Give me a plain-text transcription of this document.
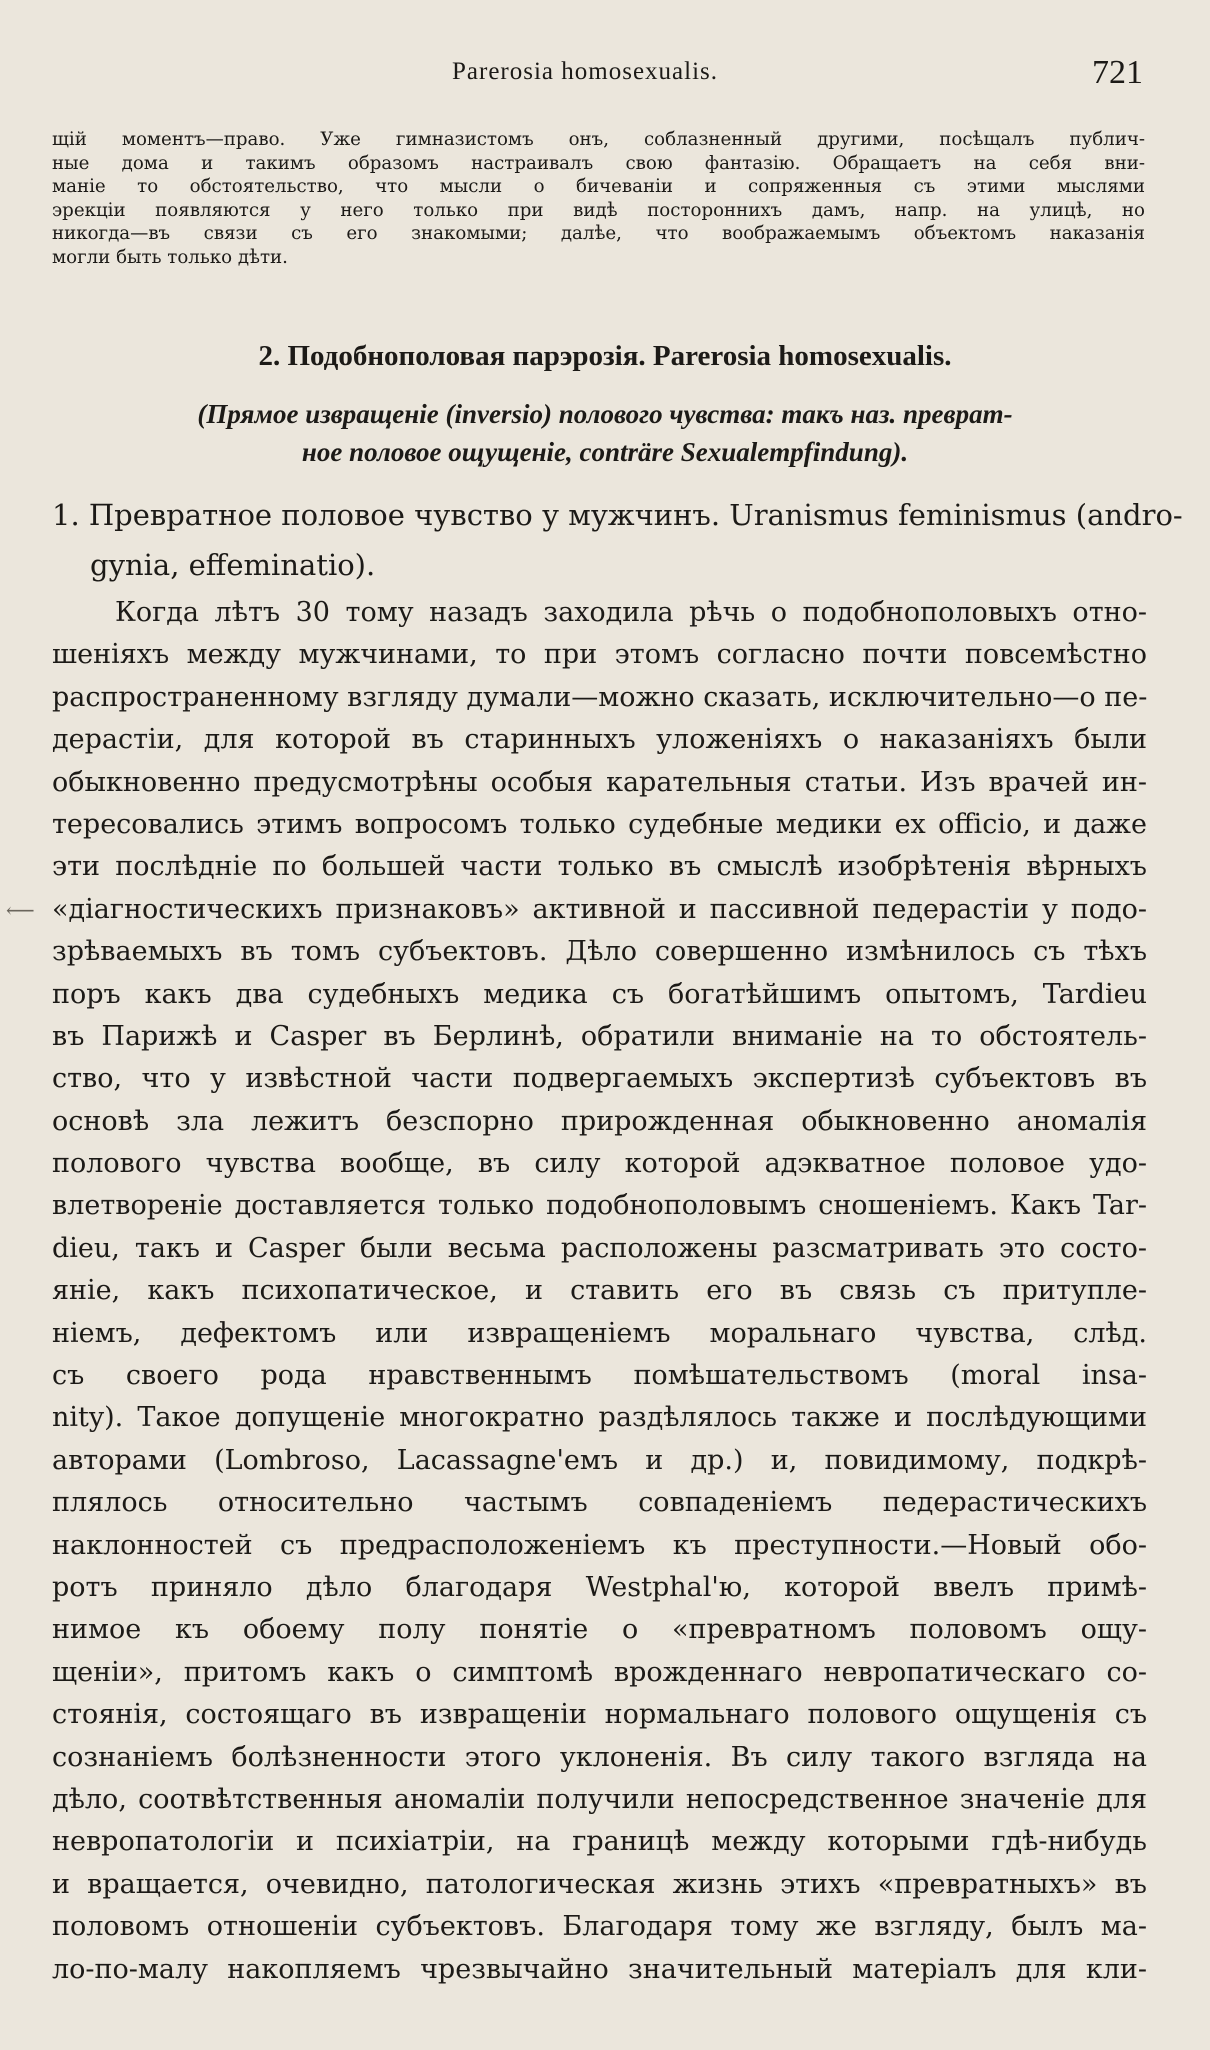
Parerosia homosexualis.	721
щій моментъ—право. Уже гимназистомъ онъ, соблазненный другими, посѣщалъ публич-
ные дома и такимъ образомъ настраивалъ свою фантазію. Обращаетъ на себя вни-
маніе то обстоятельство, что мысли о бичеваніи и сопряженныя съ этими мыслями
эрекціи появляются у него только при видѣ постороннихъ дамъ, напр. на улицѣ, но
никогда—въ связи съ его знакомыми; далѣе, что воображаемымъ объектомъ наказанія
могли быть только дѣти.
2. Подобнополовая парэрозія. Parerosia homosexualis.
(Прямое извращеніе (inversio) полового чувства: такъ наз. преврат-
ное половое ощущеніе, conträre Sexualempfindung).
1. Превратное половое чувство у мужчинъ. Uranismus feminismus (andro-
gynia, effeminatio).
⟵
Когда лѣтъ 30 тому назадъ заходила рѣчь о подобнополовыхъ отно-
шеніяхъ между мужчинами, то при этомъ согласно почти повсемѣстно
распространенному взгляду думали—можно сказать, исключительно—о пе-
дерастіи, для которой въ старинныхъ уложеніяхъ о наказаніяхъ были
обыкновенно предусмотрѣны особыя карательныя статьи. Изъ врачей ин-
тересовались этимъ вопросомъ только судебные медики ex officio, и даже
эти послѣдніе по большей части только въ смыслѣ изобрѣтенія вѣрныхъ
«діагностическихъ признаковъ» активной и пассивной педерастіи у подо-
зрѣваемыхъ въ томъ субъектовъ. Дѣло совершенно измѣнилось съ тѣхъ
поръ какъ два судебныхъ медика съ богатѣйшимъ опытомъ, Tardieu
въ Парижѣ и Casper въ Берлинѣ, обратили вниманіе на то обстоятель-
ство, что у извѣстной части подвергаемыхъ экспертизѣ субъектовъ въ
основѣ зла лежитъ безспорно прирожденная обыкновенно аномалія
полового чувства вообще, въ силу которой адэкватное половое удо-
влетвореніе доставляется только подобнополовымъ сношеніемъ. Какъ Tar-
dieu, такъ и Casper были весьма расположены разсматривать это состо-
яніе, какъ психопатическое, и ставить его въ связь съ притупле-
ніемъ, дефектомъ или извращеніемъ моральнаго чувства, слѣд.
съ своего рода нравственнымъ помѣшательствомъ (moral insa-
nity). Такое допущеніе многократно раздѣлялось также и послѣдующими
авторами (Lombroso, Lacassagne'емъ и др.) и, повидимому, подкрѣ-
плялось относительно частымъ совпаденіемъ педерастическихъ
наклонностей съ предрасположеніемъ къ преступности.—Новый обо-
ротъ приняло дѣло благодаря Westphal'ю, которой ввелъ примѣ-
нимое къ обоему полу понятіе о «превратномъ половомъ ощу-
щеніи», притомъ какъ о симптомѣ врожденнаго невропатическаго со-
стоянія, состоящаго въ извращеніи нормальнаго полового ощущенія съ
сознаніемъ болѣзненности этого уклоненія. Въ силу такого взгляда на
дѣло, соотвѣтственныя аномаліи получили непосредственное значеніе для
невропатологіи и психіатріи, на границѣ между которыми гдѣ-нибудь
и вращается, очевидно, патологическая жизнь этихъ «превратныхъ» въ
половомъ отношеніи субъектовъ. Благодаря тому же взгляду, былъ ма-
ло-по-малу накопляемъ чрезвычайно значительный матеріалъ для кли-
